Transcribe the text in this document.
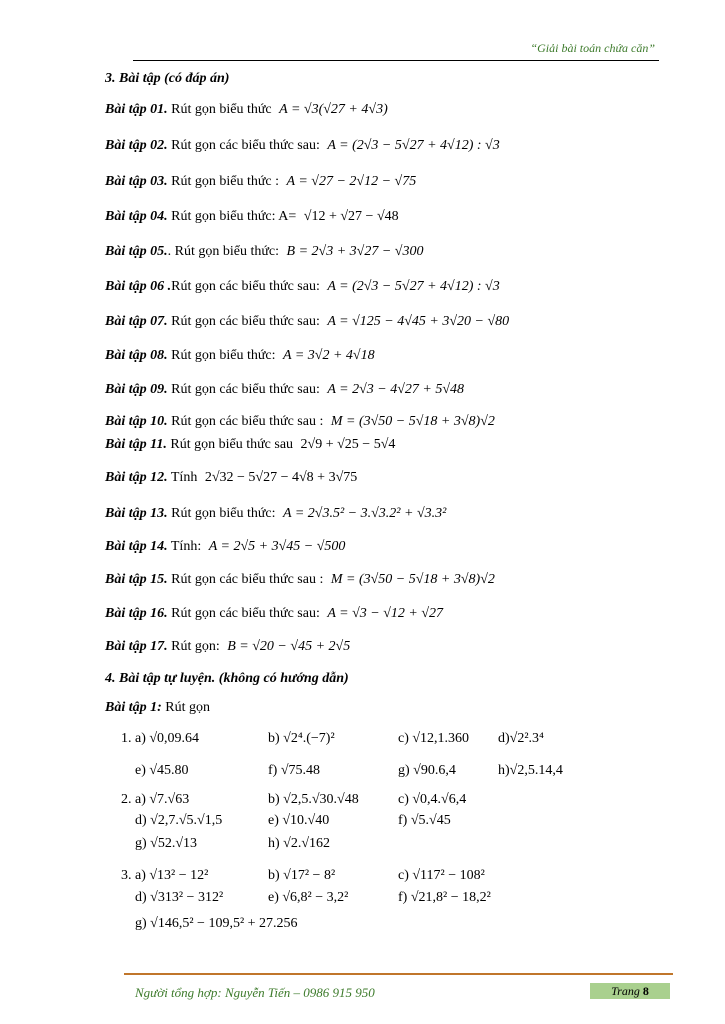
“Giải bài toán chứa căn”
3. Bài tập (có đáp án)
Bài tập 01. Rút gọn biểu thức A = √3(√27 + 4√3)
Bài tập 02. Rút gọn các biểu thức sau: A = (2√3 − 5√27 + 4√12) : √3
Bài tập 03. Rút gọn biểu thức : A = √27 − 2√12 − √75
Bài tập 04. Rút gọn biểu thức: A= √12 + √27 − √48
Bài tập 05.. Rút gọn biểu thức: B = 2√3 + 3√27 − √300
Bài tập 06 .Rút gọn các biểu thức sau: A = (2√3 − 5√27 + 4√12) : √3
Bài tập 07. Rút gọn các biểu thức sau: A = √125 − 4√45 + 3√20 − √80
Bài tập 08. Rút gọn biểu thức: A = 3√2 + 4√18
Bài tập 09. Rút gọn các biểu thức sau: A = 2√3 − 4√27 + 5√48
Bài tập 10. Rút gọn các biểu thức sau : M = (3√50 − 5√18 + 3√8)√2
Bài tập 11. Rút gọn biểu thức sau 2√9 + √25 − 5√4
Bài tập 12. Tính 2√32 − 5√27 − 4√8 + 3√75
Bài tập 13. Rút gọn biểu thức: A = 2√3.5² − 3.√3.2² + √3.3²
Bài tập 14. Tính: A = 2√5 + 3√45 − √500
Bài tập 15. Rút gọn các biểu thức sau : M = (3√50 − 5√18 + 3√8)√2
Bài tập 16. Rút gọn các biểu thức sau: A = √3 − √12 + √27
Bài tập 17. Rút gọn: B = √20 − √45 + 2√5
4. Bài tập tự luyện. (không có hướng dẫn)
Bài tập 1: Rút gọn
1. a) √0,09.64	b) √2⁴.(−7)²	c) √12,1.360 d)√2².3⁴
e) √45.80	f) √75.48	g) √90.6,4	h)√2,5.14,4
2. a) √7.√63	b) √2,5.√30.√48	c) √0,4.√6,4
d) √2,7.√5.√1,5	e) √10.√40	f) √5.√45
g) √52.√13	h) √2.√162
3. a) √13² − 12²	b) √17² − 8²	c) √117² − 108²
d) √313² − 312²	e) √6,8² − 3,2²	f) √21,8² − 18,2²
g) √146,5² − 109,5² + 27.256
Người tổng hợp: Nguyễn Tiến – 0986 915 950	Trang 8
